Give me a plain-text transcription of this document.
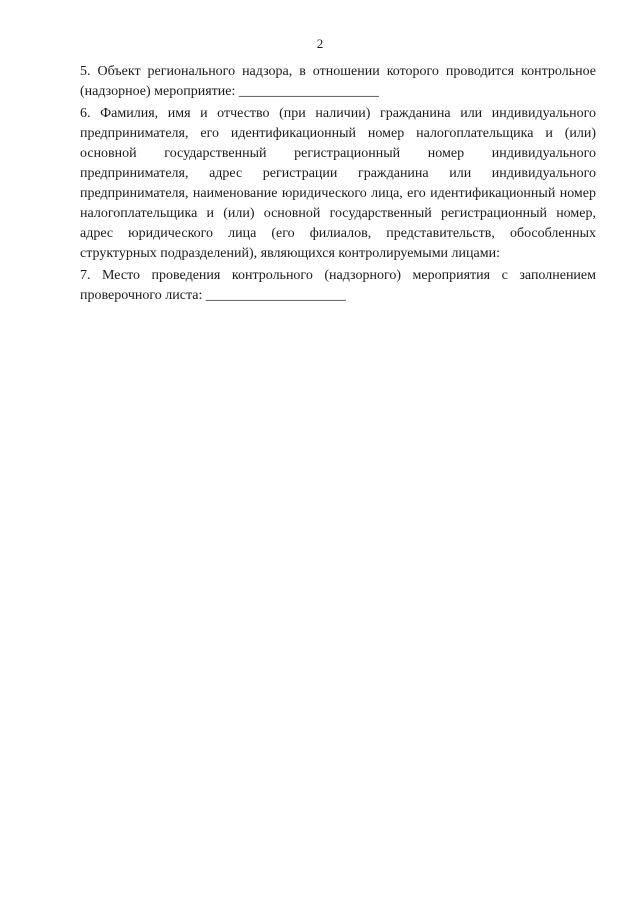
2

5. Объект регионального надзора, в отношении которого проводится контрольное (надзорное) мероприятие: ____________________

6. Фамилия, имя и отчество (при наличии) гражданина или индивидуального предпринимателя, его идентификационный номер налогоплательщика и (или) основной государственный регистрационный номер индивидуального предпринимателя, адрес регистрации гражданина или индивидуального предпринимателя, наименование юридического лица, его идентификационный номер налогоплательщика и (или) основной государственный регистрационный номер, адрес юридического лица (его филиалов, представительств, обособленных структурных подразделений), являющихся контролируемыми лицами:

7. Место проведения контрольного (надзорного) мероприятия с заполнением проверочного листа: ____________________
